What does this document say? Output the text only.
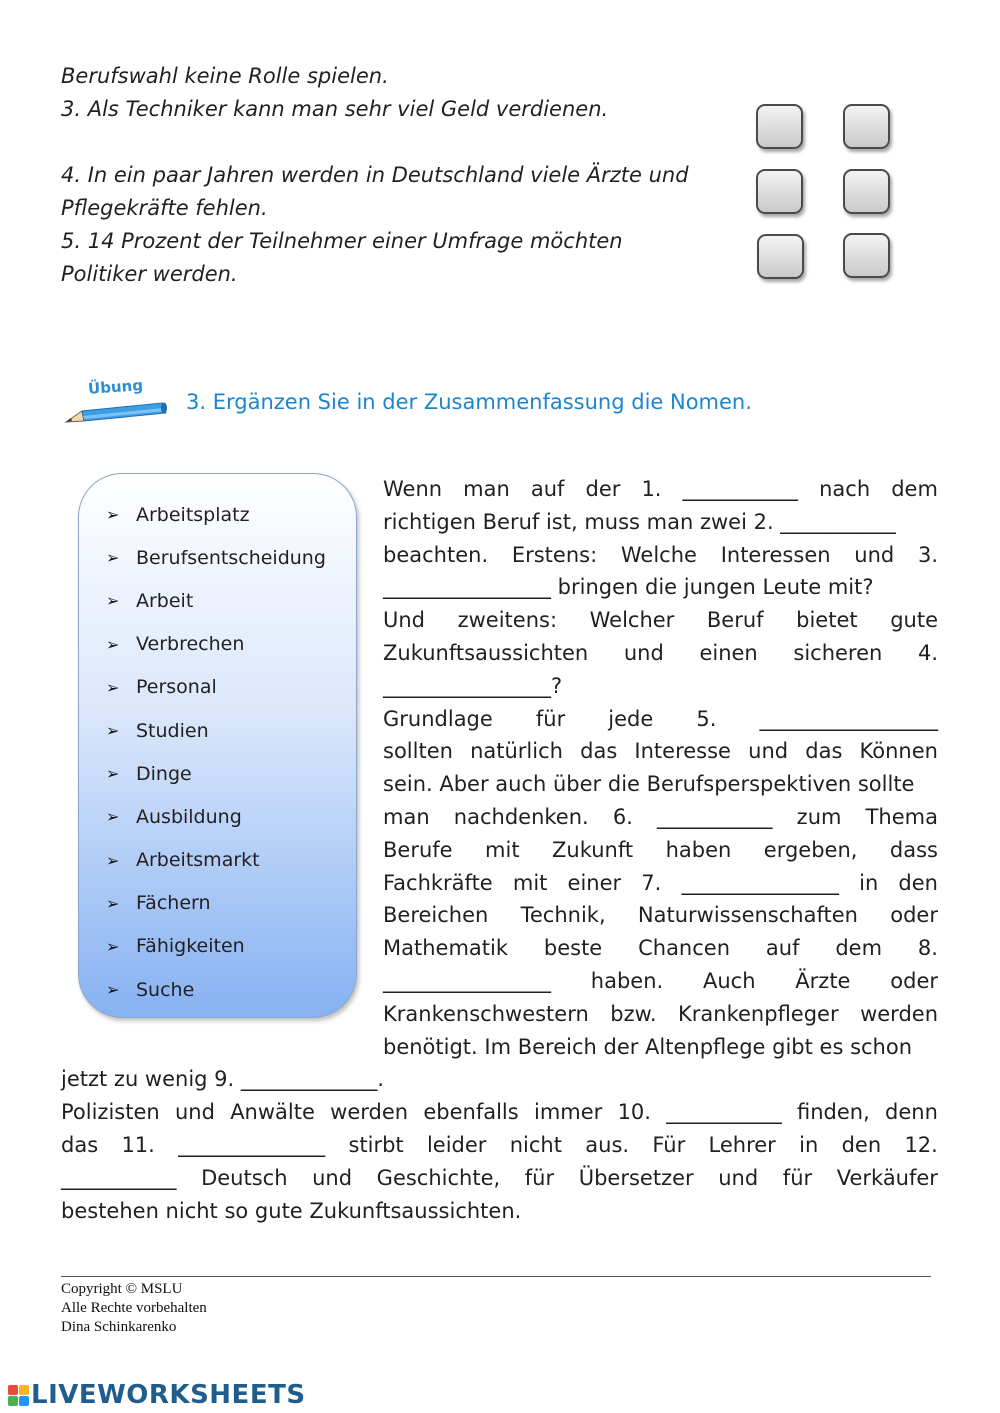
Berufswahl keine Rolle spielen.
3. Als Techniker kann man sehr viel Geld verdienen.
4. In ein paar Jahren werden in Deutschland viele Ärzte und
Pflegekräfte fehlen.
5. 14 Prozent der Teilnehmer einer Umfrage möchten
Politiker werden.
Übung
3. Ergänzen Sie in der Zusammenfassung die Nomen.
➢ Arbeitsplatz
➢ Berufsentscheidung
➢ Arbeit
➢ Verbrechen
➢ Personal
➢ Studien
➢ Dinge
➢ Ausbildung
➢ Arbeitsmarkt
➢ Fächern
➢ Fähigkeiten
➢ Suche
Wenn man auf der 1. ___________ nach dem
richtigen Beruf ist, muss man zwei 2. ___________
beachten. Erstens: Welche Interessen und 3.
________________ bringen die jungen Leute mit?
Und zweitens: Welcher Beruf bietet gute
Zukunftsaussichten und einen sicheren 4.
________________?
Grundlage für jede 5. _________________
sollten natürlich das Interesse und das Können
sein. Aber auch über die Berufsperspektiven sollte
man nachdenken. 6. ___________ zum Thema
Berufe mit Zukunft haben ergeben, dass
Fachkräfte mit einer 7. _______________ in den
Bereichen Technik, Naturwissenschaften oder
Mathematik beste Chancen auf dem 8.
________________ haben. Auch Ärzte oder
Krankenschwestern bzw. Krankenpfleger werden
benötigt. Im Bereich der Altenpflege gibt es schon
jetzt zu wenig 9. _____________.
Polizisten und Anwälte werden ebenfalls immer 10. ___________ finden, denn
das 11. ______________ stirbt leider nicht aus. Für Lehrer in den 12.
___________ Deutsch und Geschichte, für Übersetzer und für Verkäufer
bestehen nicht so gute Zukunftsaussichten.
Copyright © MSLU
Alle Rechte vorbehalten
Dina Schinkarenko
LIVEWORKSHEETS
